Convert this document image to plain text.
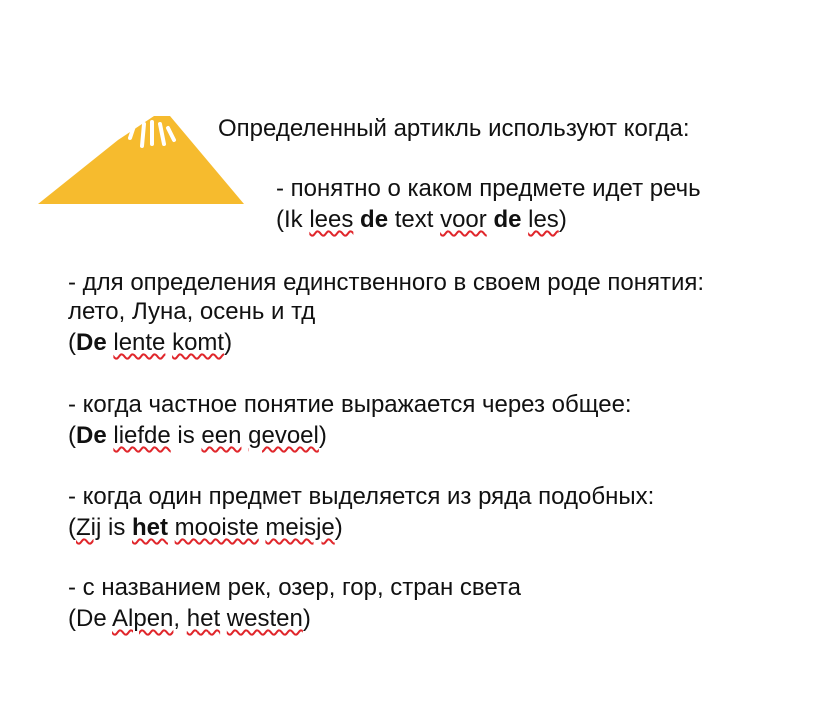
Определенный артикль используют когда:
- понятно о каком предмете идет речь
(Ik lees de text voor de les)
- для определения единственного в своем роде понятия:
лето, Луна, осень и тд
(De lente komt)
- когда частное понятие выражается через общее:
(De liefde is een gevoel)
- когда один предмет выделяется из ряда подобных:
(Zij is het mooiste meisje)
- с названием рек, озер, гор, стран света
(De Alpen, het westen)
